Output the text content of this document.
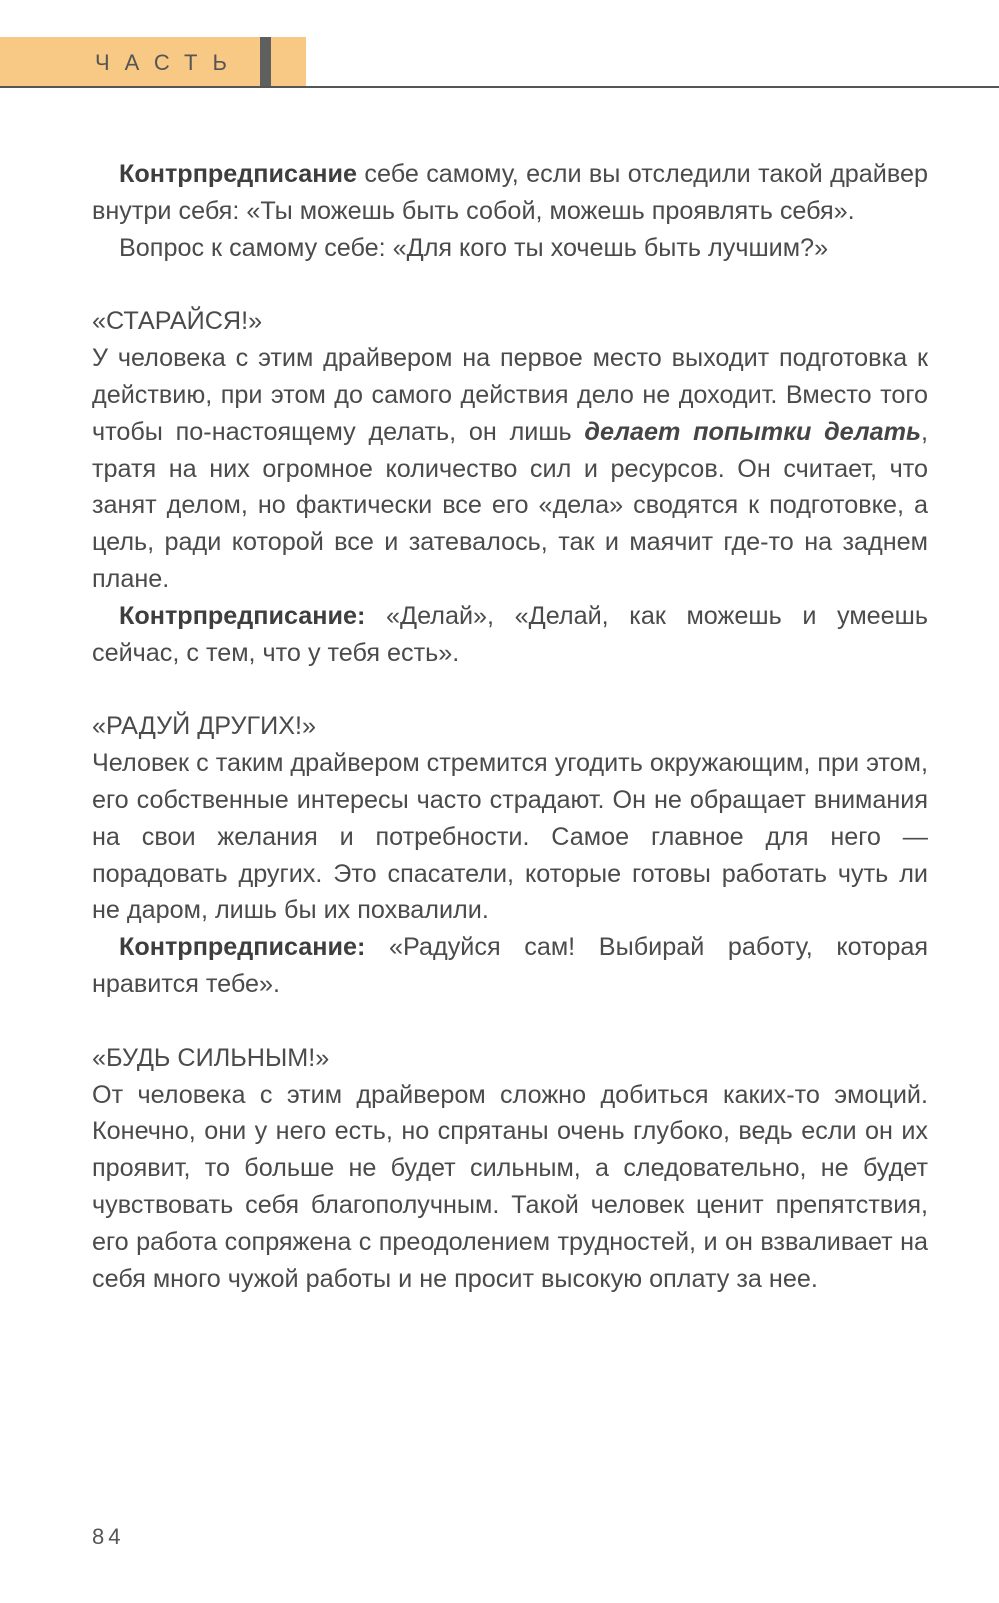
ЧАСТЬ

Контрпредписание себе самому, если вы отследили такой драйвер внутри себя: «Ты можешь быть собой, можешь проявлять себя».

Вопрос к самому себе: «Для кого ты хочешь быть лучшим?»

«СТАРАЙСЯ!»

У человека с этим драйвером на первое место выходит подготовка к действию, при этом до самого действия дело не доходит. Вместо того чтобы по-настоящему делать, он лишь делает попытки делать, тратя на них огромное количество сил и ресурсов. Он считает, что занят делом, но фактически все его «дела» сводятся к подготовке, а цель, ради которой все и затевалось, так и маячит где-то на заднем плане.

Контрпредписание: «Делай», «Делай, как можешь и умеешь сейчас, с тем, что у тебя есть».

«РАДУЙ ДРУГИХ!»

Человек с таким драйвером стремится угодить окружающим, при этом, его собственные интересы часто страдают. Он не обращает внимания на свои желания и потребности. Самое главное для него — порадовать других. Это спасатели, которые готовы работать чуть ли не даром, лишь бы их похвалили.

Контрпредписание: «Радуйся сам! Выбирай работу, которая нравится тебе».

«БУДЬ СИЛЬНЫМ!»

От человека с этим драйвером сложно добиться каких-то эмоций. Конечно, они у него есть, но спрятаны очень глубоко, ведь если он их проявит, то больше не будет сильным, а следовательно, не будет чувствовать себя благополучным. Такой человек ценит препятствия, его работа сопряжена с преодолением трудностей, и он взваливает на себя много чужой работы и не просит высокую оплату за нее.

84
